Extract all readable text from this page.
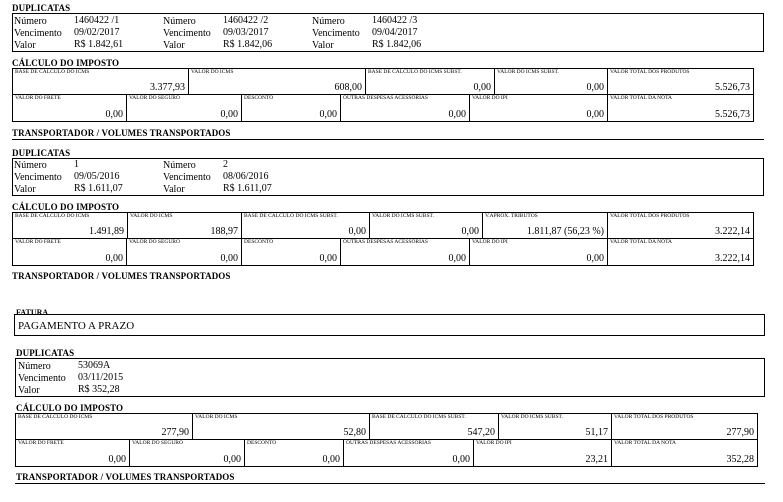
DUPLICATAS
Número	1460422 /1
Vencimento 09/02/2017
Valor	R$ 1.842,61
Número	1460422 /2
Vencimento 09/03/2017
Valor	R$ 1.842,06
Número	1460422 /3
Vencimento 09/04/2017
Valor	R$ 1.842,06
CÁLCULO DO IMPOSTO
BASE DE CÁLCULO DO ICMS
3.377,93
VALOR DO ICMS
608,00
BASE DE CÁLCULO DO ICMS SUBST.
0,00
VALOR DO ICMS SUBST.
0,00
VALOR TOTAL DOS PRODUTOS
5.526,73
VALOR DO FRETE
0,00
VALOR DO SEGURO
0,00
DESCONTO
0,00
OUTRAS DESPESAS ACESSÓRIAS
0,00
VALOR DO IPI
0,00
VALOR TOTAL DA NOTA
5.526,73
TRANSPORTADOR / VOLUMES TRANSPORTADOS
DUPLICATAS
Número	1
Vencimento 09/05/2016
Valor	R$ 1.611,07
Número	2
Vencimento 08/06/2016
Valor	R$ 1.611,07
CÁLCULO DO IMPOSTO
BASE DE CÁLCULO DO ICMS
1.491,89
VALOR DO ICMS
188,97
BASE DE CÁLCULO DO ICMS SUBST.
0,00
VALOR DO ICMS SUBST.
0,00
V.APROX. TRIBUTOS
1.811,87 (56,23 %)
VALOR TOTAL DOS PRODUTOS
3.222,14
VALOR DO FRETE
0,00
VALOR DO SEGURO
0,00
DESCONTO
0,00
OUTRAS DESPESAS ACESSÓRIAS
0,00
VALOR DO IPI
0,00
VALOR TOTAL DA NOTA
3.222,14
TRANSPORTADOR / VOLUMES TRANSPORTADOS
FATURA
PAGAMENTO A PRAZO
DUPLICATAS
Número	53069A
Vencimento 03/11/2015
Valor	R$ 352,28
CÁLCULO DO IMPOSTO
BASE DE CÁLCULO DO ICMS
277,90
VALOR DO ICMS
52,80
BASE DE CÁLCULO DO ICMS SUBST.
547,20
VALOR DO ICMS SUBST.
51,17
VALOR TOTAL DOS PRODUTOS
277,90
VALOR DO FRETE
0,00
VALOR DO SEGURO
0,00
DESCONTO
0,00
OUTRAS DESPESAS ACESSÓRIAS
0,00
VALOR DO IPI
23,21
VALOR TOTAL DA NOTA
352,28
TRANSPORTADOR / VOLUMES TRANSPORTADOS
